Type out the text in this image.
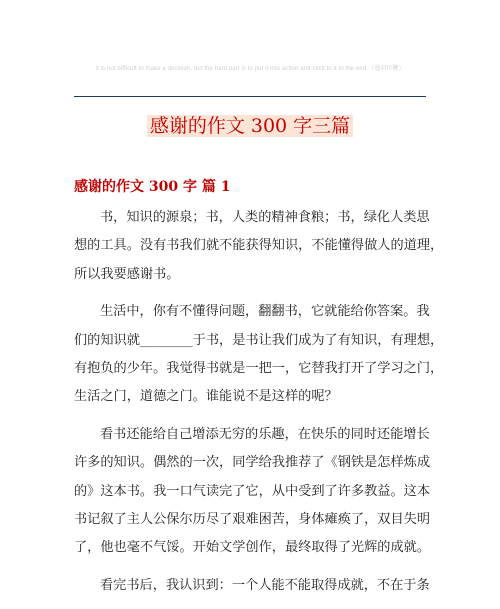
It is not difficult to make a decision, but the hard part is to put it into action and stick to it to the end.（逸羽可鞭）
感谢的作文 300 字三篇
感谢的作文 300 字 篇 1
书，知识的源泉；书，人类的精神食粮；书，绿化人类思
想的工具。没有书我们就不能获得知识，不能懂得做人的道理，
所以我要感谢书。
生活中，你有不懂得问题，翻翻书，它就能给你答案。我
们的知识就________于书，是书让我们成为了有知识，有理想，
有抱负的少年。我觉得书就是一把一，它替我打开了学习之门，
生活之门，道德之门。谁能说不是这样的呢？
看书还能给自己增添无穷的乐趣，在快乐的同时还能增长
许多的知识。偶然的一次，同学给我推荐了《钢铁是怎样炼成
的》这本书。我一口气读完了它，从中受到了许多教益。这本
书记叙了主人公保尔历尽了艰难困苦，身体瘫痪了，双目失明
了，他也毫不气馁。开始文学创作，最终取得了光辉的成就。
看完书后，我认识到：一个人能不能取得成就，不在于条
